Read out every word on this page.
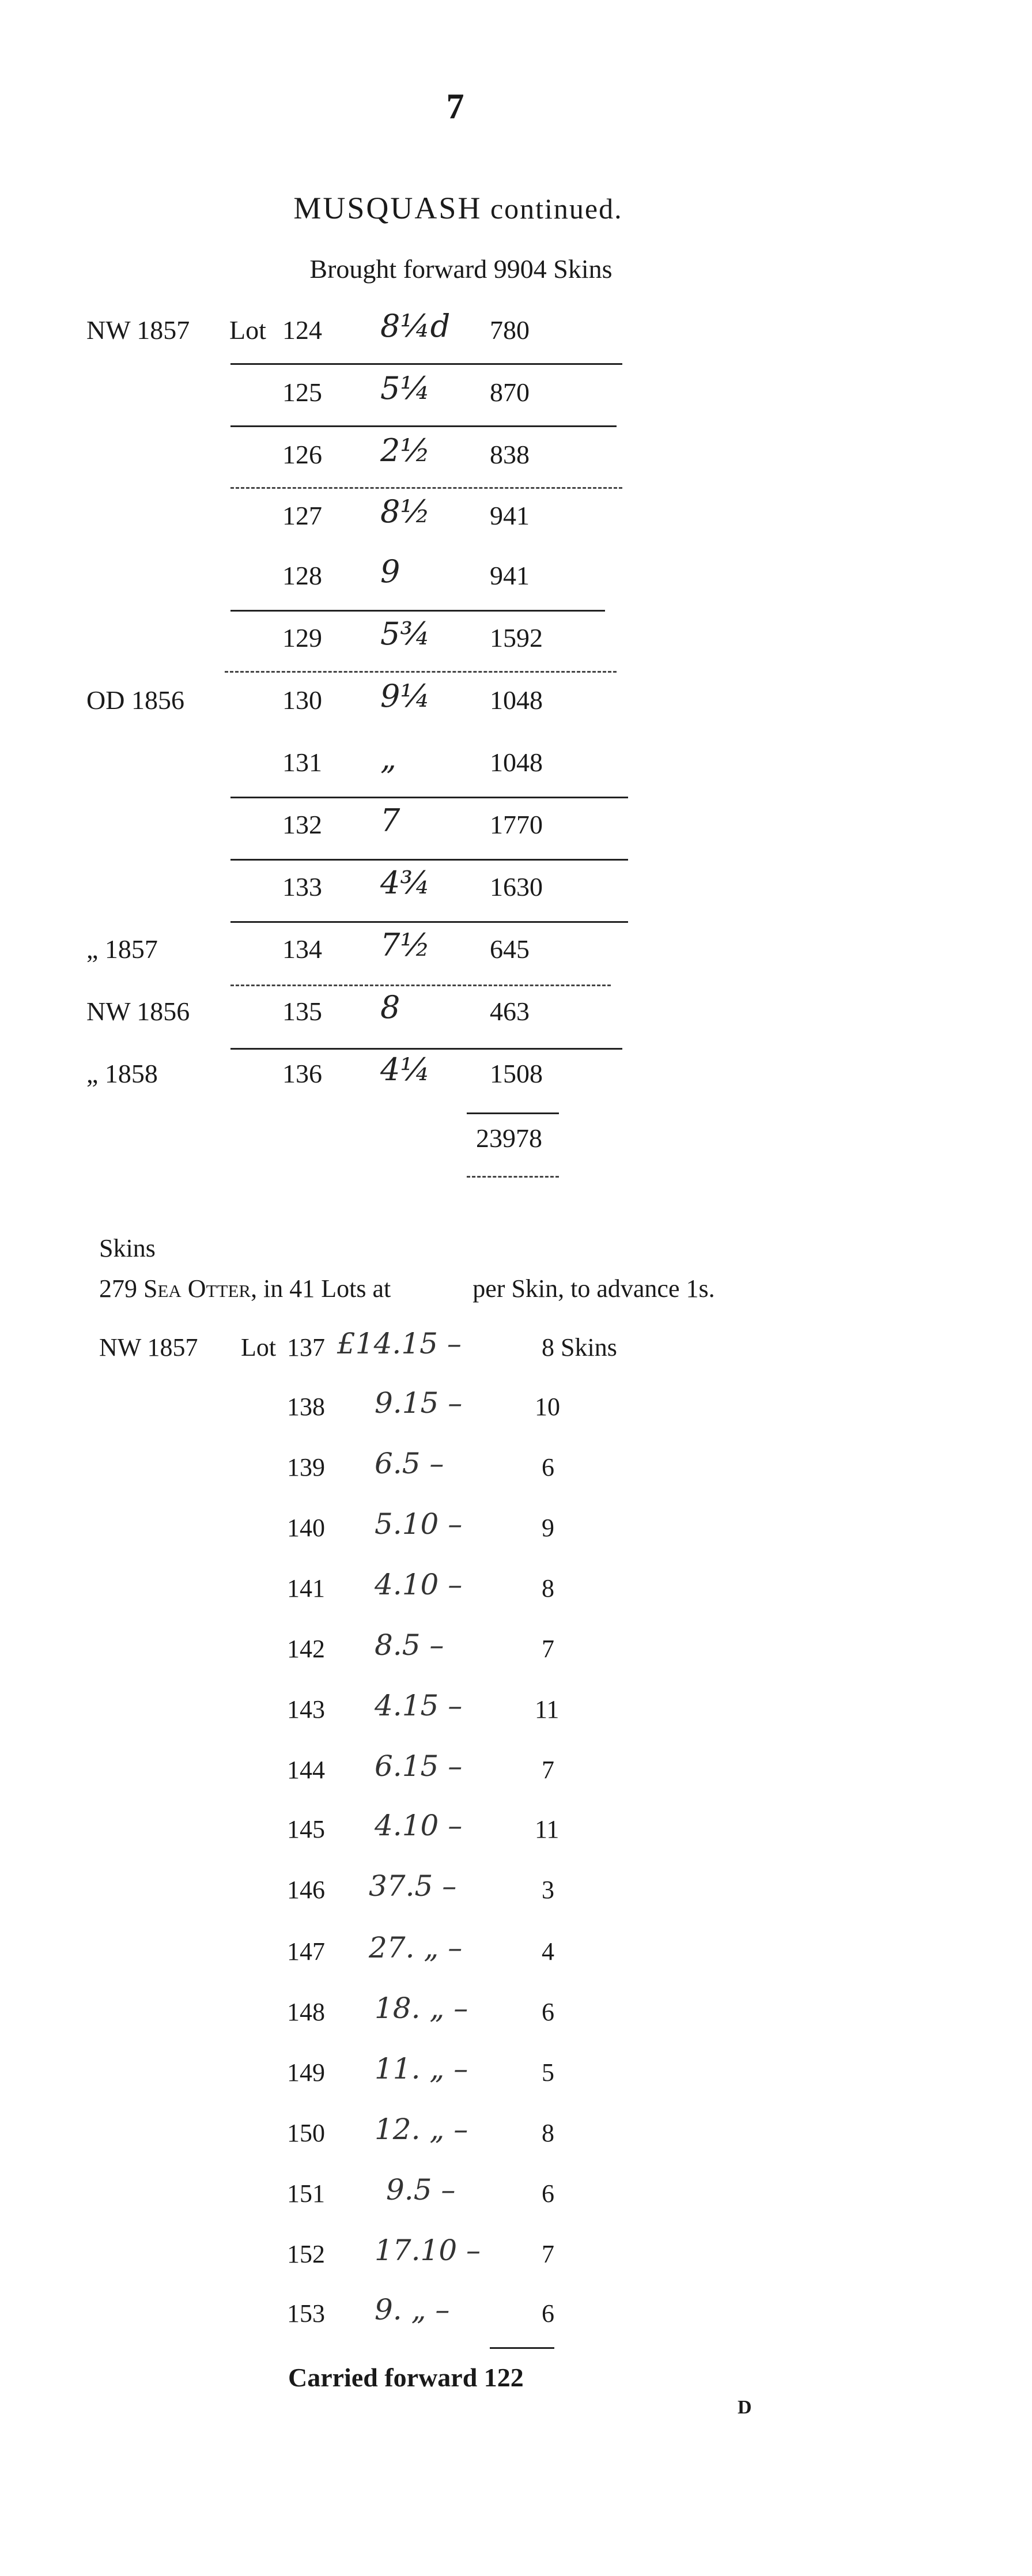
7
MUSQUASH continued.
Brought forward 9904 Skins
NW 1857 Lot 124 8¼d 780
125 5¼ 870
126 2½ 838
127 8½ 941
128 9	941
129 5¾ 1592
OD 1856	130 9¼ 1048
131 „	1048
132 7	1770
133 4¾ 1630
„ 1857	134 7½ 645
NW 1856	135 8	463
„ 1858	136 4¼ 1508
23978
Skins
279 Sea Otter, in 41 Lots at	per Skin, to advance 1s.
NW 1857 Lot 137 £14.15 –	8 Skins
138 9.15 –	10
139 6.5 –	6
140 5.10 –	9
141 4.10 –	8
142 8.5 –	7
143 4.15 –	11
144 6.15 –	7
145 4.10 –	11
146 37.5 –	3
147 27. „ –	4
148 18. „ –	6
149 11. „ –	5
150 12. „ –	8
151 9.5 –	6
152 17.10 – 7
153 9. „ –	6
Carried forward 122
D
